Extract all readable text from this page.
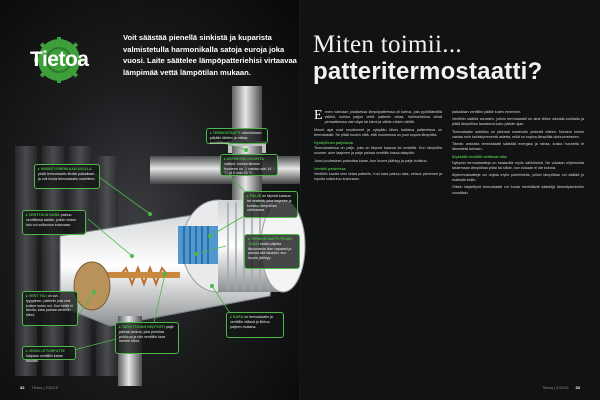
Tietoa
Voit säästää pienellä sinkistä ja kuparista valmistetulla harmonikalla satoja euroja joka vuosi. Laite säätelee lämpöpatteriehisi virtaavaa lämpimää vettä lämpötilan mukaan.
Miten toimii...
patteritermostaatti?
▸ KIINNITYSRENKAAN AVULLA pidät termostaatin tiiviisti paikallaan ja voit koota termostaatin uudelleen.
▸ VENTTIILIN KARA painuu venttiilinsä sisään, jolloin veden tulo voi sulkeutua kokonaan.
▸ VENT TIILI on ovi-tyyppinen, patteriin jota vesi kulkee kuten ovi. Kun vettä ei tarvita, kara painaa venttiilin kiinni.
▸ JOUSI LITTUSPUTTE halpaan venttiilin karan takaisin.
▸ TERMOSTAATTI valmistetaan pitkälle lähtien ja mittaa huoneilmaa.
▸ ASTEIKON LUVUISTA valitset, kuinka lämmin huoneen on. 1 vastaa noin 14 °C ja 5 noin 26 °C.
▸ PALJE on täynnä kaasua tai nestettä, joka laajenee ja kutistuu lämpötilan vaihtuessa.
▸ TERMOSTAATTI PESÄN JOUSI estää paljetta liikkumasta liian vapaasti ja painaa sitä takaisin, kun huone jäähtyy.
▸ TARVITTAVAN HELPOSTI palje painaa tankoa, joka puristaa puhkkoa ja niin venttiilin kara menee kiinni.
▸ KARA on termostaatin ja venttiilin välissä ja liikkuu paljeen mukana.

Ennen vanhaan jokaisessa lämpöpatterissa oli kahva, jota pyörittämällä valitsit, kuinka paljon vettä patteriin virtaa. Vaihtoehtoina olivat periaatteessa vain täysi tai kiinni ja vähän niiden väliltä.

Monet ajat ovat muuttuneet ja nykyään lähes kaikissa pattereissa on termostaatti. Se pitää huolen siitä, että huoneessa on juuri sopiva lämpötila.

Hyödyllinen paljelauta

Termostaatissa on palje, joka on täynnä kaasua tai nestettä. Kun lämpötila nousee, aine laajenee ja palje painaa venttiilin karaa alaspäin.

Jousi puolestaan palauttaa karan, kun huone jäähtyy ja palje kutistuu.

Venttiili patterissa

Venttiilin kautta vesi virtaa patteriin. Kun kara painuu alas, virtaus pienenee ja lopulta sulkeutuu kokonaan.

paikallaan venttiilin päälle kuten ennenkin.

Venttiilin säätöä seuraten, jolloin termostaatti on aina lähes oikealla kohdalla ja pitää lämpötilan tasaisena koko päivän ajan.

Termostaatin asteikko on yleensä numeroitu yhdestä viiteen. Numero kolme vastaa noin kahtakymmentä astetta, mikä on sopiva lämpötila olohuoneeseen.

Tämän ansiosta termostaatti säästää energiaa ja rahaa, koska huonetta ei lämmitetä turhaan.

Älykkäät venttiilit voittavat alaa

Nykyisin termostaatteja on saatavilla myös sähköisinä. Ne voidaan ohjelmoida laskemaan lämpötilaa yöksi tai silloin, kun kukaan ei ole kotona.

Älytermostaatteja voi ohjata myös puhelimella, jolloin lämpötilan voi säätää jo matkalla kotiin.

Oikein käytettynä termostaatti voi tuoda merkittäviä säästöjä lämmityskuluihin vuosittain.

32 Tietoa | 2/2015	Tietoa | 2/2015 33
